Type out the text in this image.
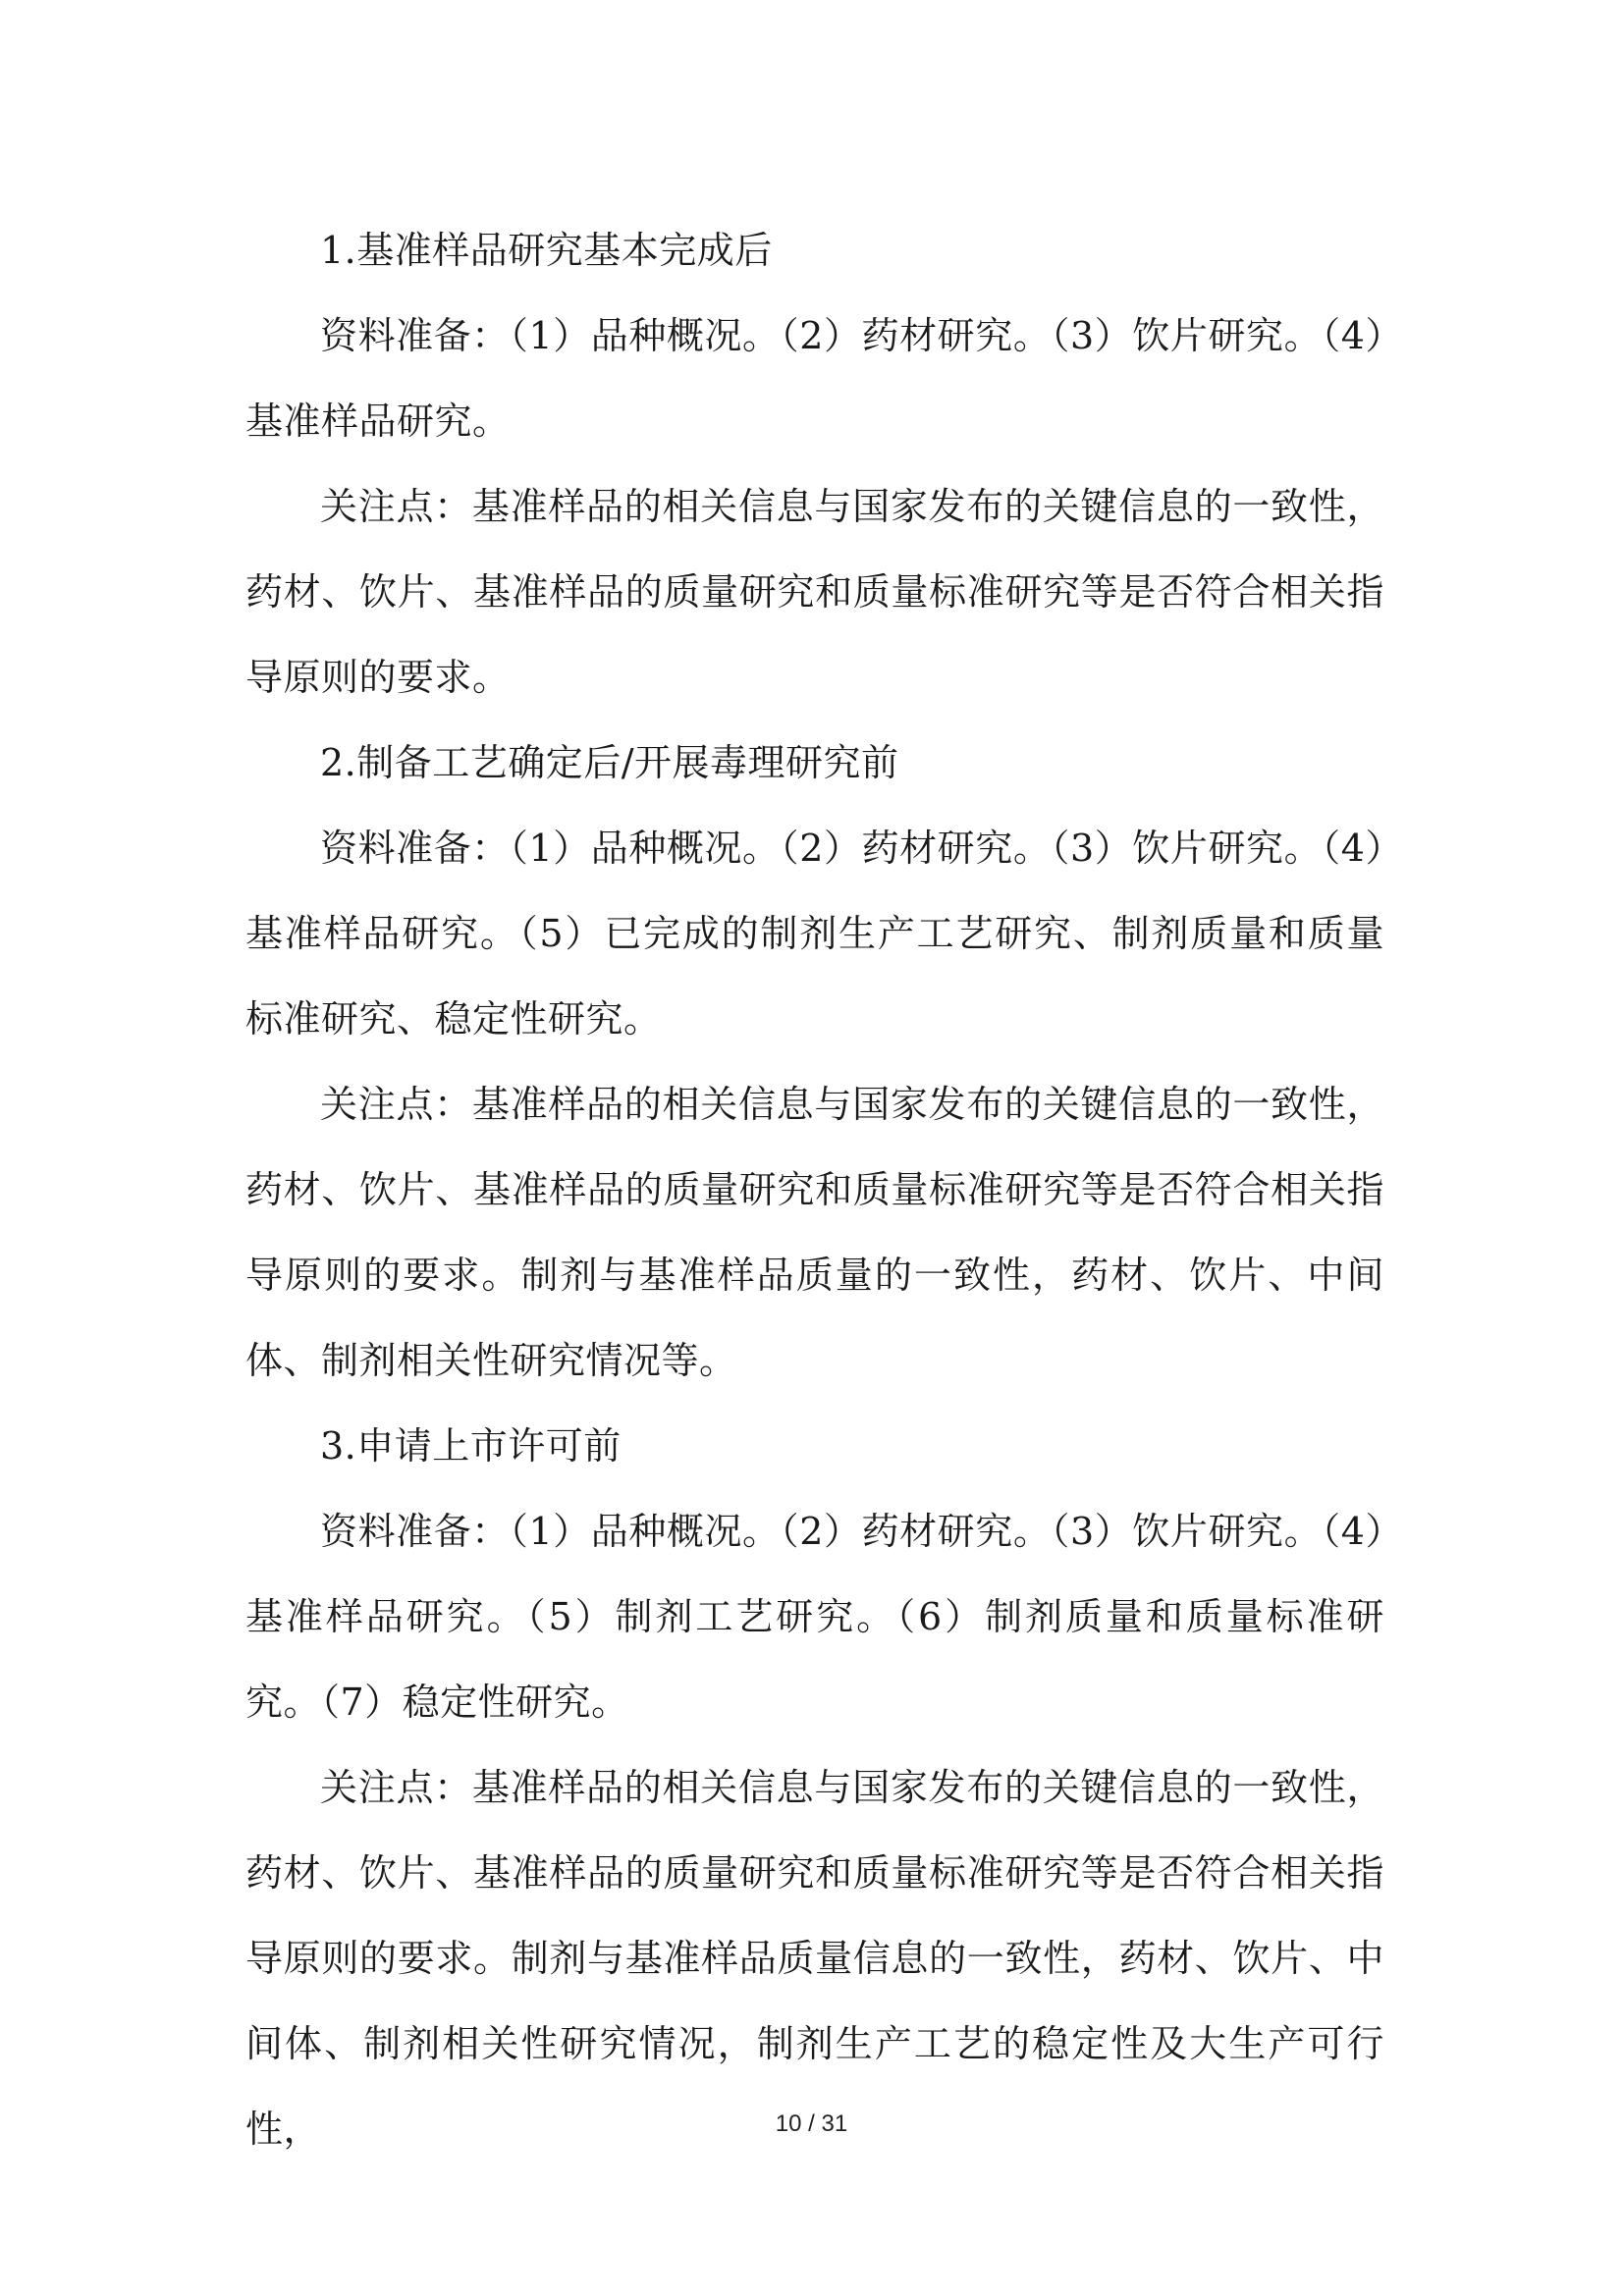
1.基准样品研究基本完成后

资料准备：（1）品种概况。（2）药材研究。（3）饮片研究。（4）基准样品研究。

关注点：基准样品的相关信息与国家发布的关键信息的一致性，药材、饮片、基准样品的质量研究和质量标准研究等是否符合相关指导原则的要求。

2.制备工艺确定后/开展毒理研究前

资料准备：（1）品种概况。（2）药材研究。（3）饮片研究。（4）基准样品研究。（5）已完成的制剂生产工艺研究、制剂质量和质量标准研究、稳定性研究。

关注点：基准样品的相关信息与国家发布的关键信息的一致性，药材、饮片、基准样品的质量研究和质量标准研究等是否符合相关指导原则的要求。制剂与基准样品质量的一致性，药材、饮片、中间体、制剂相关性研究情况等。

3.申请上市许可前

资料准备：（1）品种概况。（2）药材研究。（3）饮片研究。（4）基准样品研究。（5）制剂工艺研究。（6）制剂质量和质量标准研究。（7）稳定性研究。

关注点：基准样品的相关信息与国家发布的关键信息的一致性，药材、饮片、基准样品的质量研究和质量标准研究等是否符合相关指导原则的要求。制剂与基准样品质量信息的一致性，药材、饮片、中间体、制剂相关性研究情况，制剂生产工艺的稳定性及大生产可行性，	10 / 31
